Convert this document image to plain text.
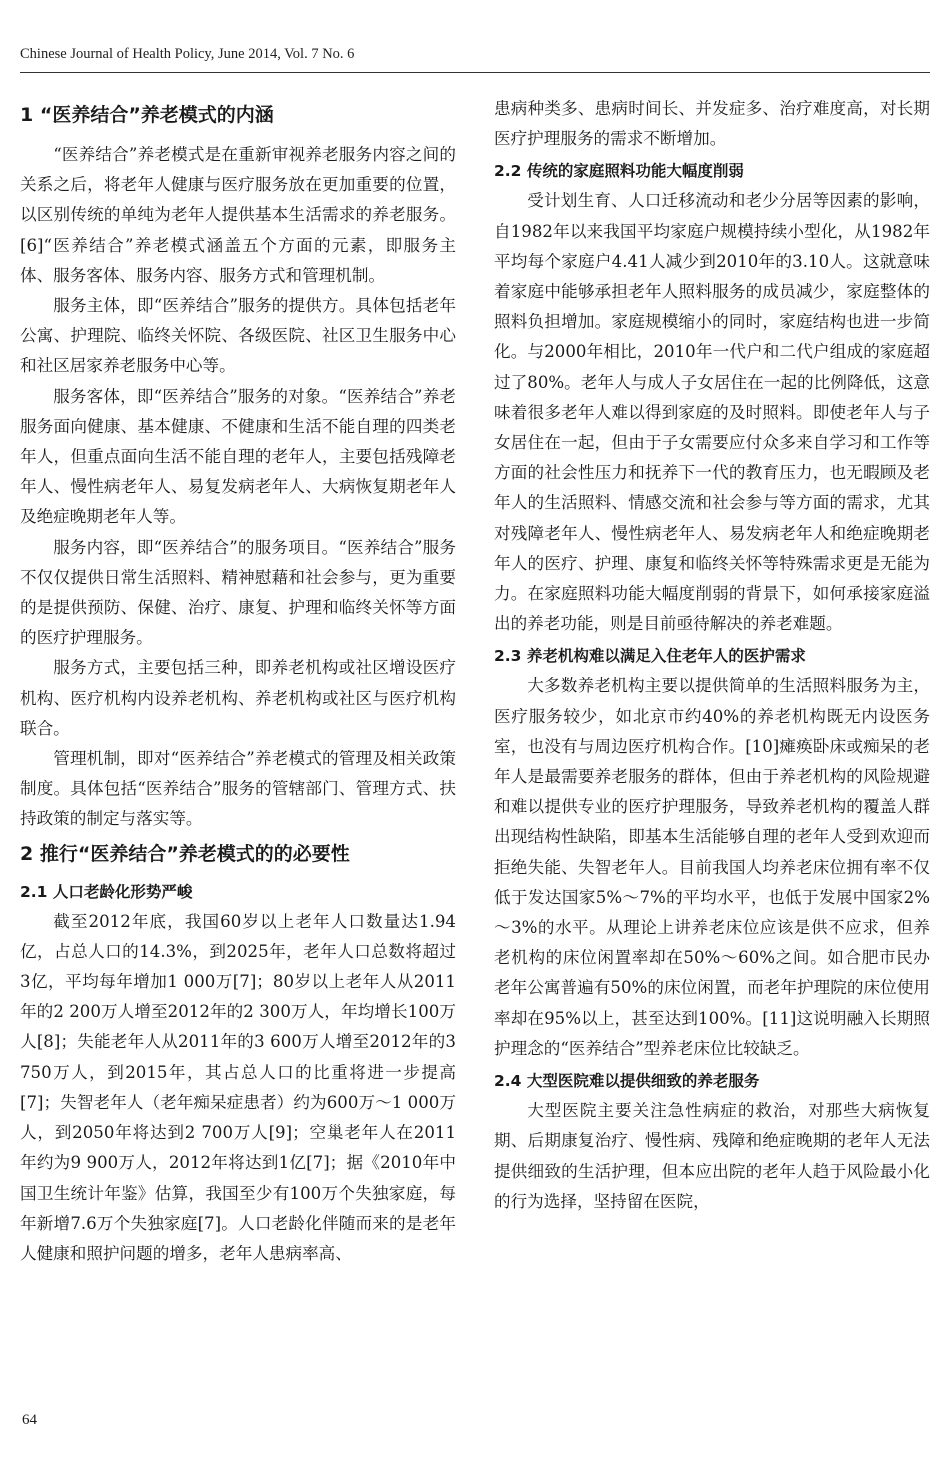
Chinese Journal of Health Policy, June 2014, Vol. 7 No. 6
1 “医养结合”养老模式的内涵

“医养结合”养老模式是在重新审视养老服务内容之间的关系之后，将老年人健康与医疗服务放在更加重要的位置，以区别传统的单纯为老年人提供基本生活需求的养老服务。[6]“医养结合”养老模式涵盖五个方面的元素，即服务主体、服务客体、服务内容、服务方式和管理机制。

服务主体，即“医养结合”服务的提供方。具体包括老年公寓、护理院、临终关怀院、各级医院、社区卫生服务中心和社区居家养老服务中心等。

服务客体，即“医养结合”服务的对象。“医养结合”养老服务面向健康、基本健康、不健康和生活不能自理的四类老年人，但重点面向生活不能自理的老年人，主要包括残障老年人、慢性病老年人、易复发病老年人、大病恢复期老年人及绝症晚期老年人等。

服务内容，即“医养结合”的服务项目。“医养结合”服务不仅仅提供日常生活照料、精神慰藉和社会参与，更为重要的是提供预防、保健、治疗、康复、护理和临终关怀等方面的医疗护理服务。

服务方式，主要包括三种，即养老机构或社区增设医疗机构、医疗机构内设养老机构、养老机构或社区与医疗机构联合。

管理机制，即对“医养结合”养老模式的管理及相关政策制度。具体包括“医养结合”服务的管辖部门、管理方式、扶持政策的制定与落实等。

2 推行“医养结合”养老模式的的必要性
2.1 人口老龄化形势严峻

截至2012年底，我国60岁以上老年人口数量达1.94亿，占总人口的14.3%，到2025年，老年人口总数将超过3亿，平均每年增加1 000万[7]；80岁以上老年人从2011年的2 200万人增至2012年的2 300万人，年均增长100万人[8]；失能老年人从2011年的3 600万人增至2012年的3 750万人，到2015年，其占总人口的比重将进一步提高[7]；失智老年人（老年痴呆症患者）约为600万～1 000万人，到2050年将达到2 700万人[9]；空巢老年人在2011年约为9 900万人，2012年将达到1亿[7]；据《2010年中国卫生统计年鉴》估算，我国至少有100万个失独家庭，每年新增7.6万个失独家庭[7]。人口老龄化伴随而来的是老年人健康和照护问题的增多，老年人患病率高、

患病种类多、患病时间长、并发症多、治疗难度高，对长期医疗护理服务的需求不断增加。

2.2 传统的家庭照料功能大幅度削弱

受计划生育、人口迁移流动和老少分居等因素的影响，自1982年以来我国平均家庭户规模持续小型化，从1982年平均每个家庭户4.41人减少到2010年的3.10人。这就意味着家庭中能够承担老年人照料服务的成员减少，家庭整体的照料负担增加。家庭规模缩小的同时，家庭结构也进一步简化。与2000年相比，2010年一代户和二代户组成的家庭超过了80%。老年人与成人子女居住在一起的比例降低，这意味着很多老年人难以得到家庭的及时照料。即使老年人与子女居住在一起，但由于子女需要应付众多来自学习和工作等方面的社会性压力和抚养下一代的教育压力，也无暇顾及老年人的生活照料、情感交流和社会参与等方面的需求，尤其对残障老年人、慢性病老年人、易发病老年人和绝症晚期老年人的医疗、护理、康复和临终关怀等特殊需求更是无能为力。在家庭照料功能大幅度削弱的背景下，如何承接家庭溢出的养老功能，则是目前亟待解决的养老难题。

2.3 养老机构难以满足入住老年人的医护需求

大多数养老机构主要以提供简单的生活照料服务为主，医疗服务较少，如北京市约40%的养老机构既无内设医务室，也没有与周边医疗机构合作。[10]瘫痪卧床或痴呆的老年人是最需要养老服务的群体，但由于养老机构的风险规避和难以提供专业的医疗护理服务，导致养老机构的覆盖人群出现结构性缺陷，即基本生活能够自理的老年人受到欢迎而拒绝失能、失智老年人。目前我国人均养老床位拥有率不仅低于发达国家5%～7%的平均水平，也低于发展中国家2%～3%的水平。从理论上讲养老床位应该是供不应求，但养老机构的床位闲置率却在50%～60%之间。如合肥市民办老年公寓普遍有50%的床位闲置，而老年护理院的床位使用率却在95%以上，甚至达到100%。[11]这说明融入长期照护理念的“医养结合”型养老床位比较缺乏。

2.4 大型医院难以提供细致的养老服务

大型医院主要关注急性病症的救治，对那些大病恢复期、后期康复治疗、慢性病、残障和绝症晚期的老年人无法提供细致的生活护理，但本应出院的老年人趋于风险最小化的行为选择，坚持留在医院，

64
